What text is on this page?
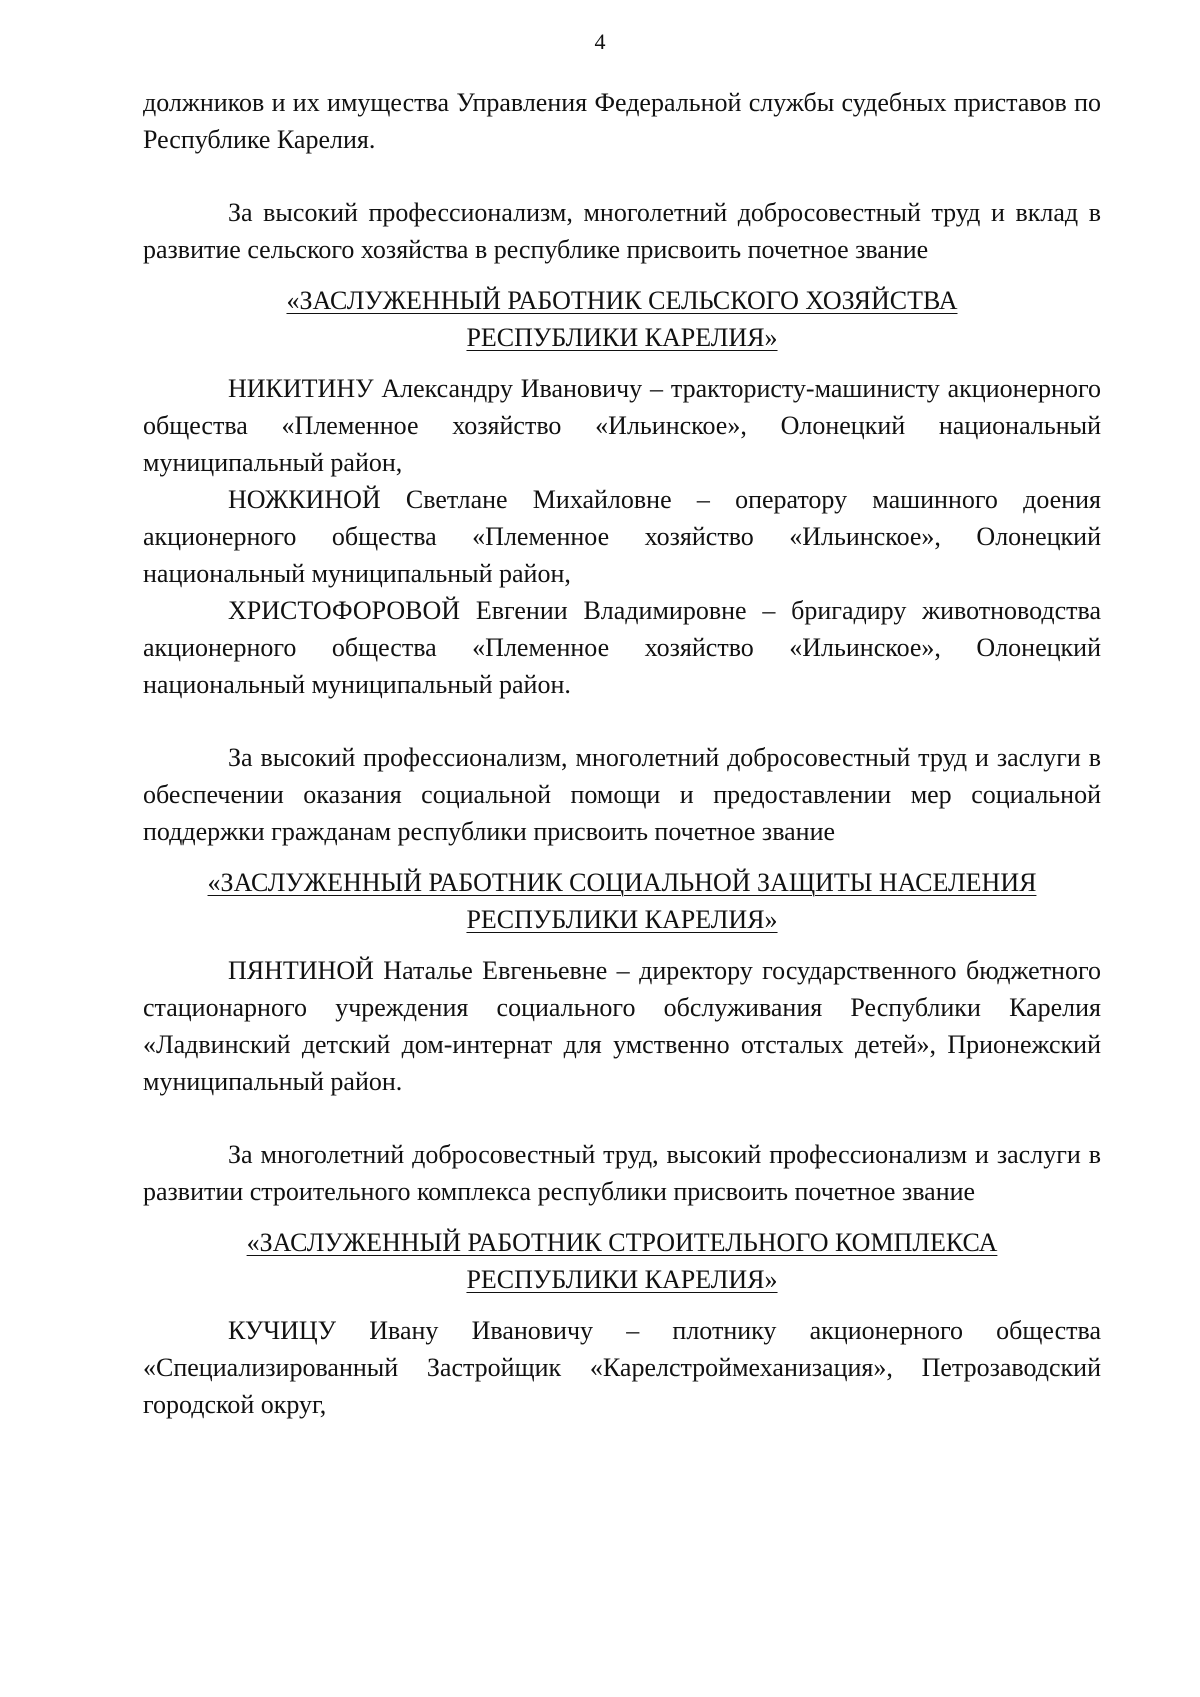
4

должников и их имущества Управления Федеральной службы судебных приставов по Республике Карелия.

За высокий профессионализм, многолетний добросовестный труд и вклад в развитие сельского хозяйства в республике присвоить почетное звание

«ЗАСЛУЖЕННЫЙ РАБОТНИК СЕЛЬСКОГО ХОЗЯЙСТВА
РЕСПУБЛИКИ КАРЕЛИЯ»

НИКИТИНУ Александру Ивановичу – трактористу-машинисту акционерного общества «Племенное хозяйство «Ильинское», Олонецкий национальный муниципальный район,

НОЖКИНОЙ Светлане Михайловне – оператору машинного доения акционерного общества «Племенное хозяйство «Ильинское», Олонецкий национальный муниципальный район,

ХРИСТОФОРОВОЙ Евгении Владимировне – бригадиру животноводства акционерного общества «Племенное хозяйство «Ильинское», Олонецкий национальный муниципальный район.

За высокий профессионализм, многолетний добросовестный труд и заслуги в обеспечении оказания социальной помощи и предоставлении мер социальной поддержки гражданам республики присвоить почетное звание

«ЗАСЛУЖЕННЫЙ РАБОТНИК СОЦИАЛЬНОЙ ЗАЩИТЫ НАСЕЛЕНИЯ
РЕСПУБЛИКИ КАРЕЛИЯ»

ПЯНТИНОЙ Наталье Евгеньевне – директору государственного бюджетного стационарного учреждения социального обслуживания Республики Карелия «Ладвинский детский дом-интернат для умственно отсталых детей», Прионежский муниципальный район.

За многолетний добросовестный труд, высокий профессионализм и заслуги в развитии строительного комплекса республики присвоить почетное звание

«ЗАСЛУЖЕННЫЙ РАБОТНИК СТРОИТЕЛЬНОГО КОМПЛЕКСА
РЕСПУБЛИКИ КАРЕЛИЯ»

КУЧИЦУ Ивану Ивановичу – плотнику акционерного общества «Специализированный Застройщик «Карелстроймеханизация», Петрозаводский городской округ,
